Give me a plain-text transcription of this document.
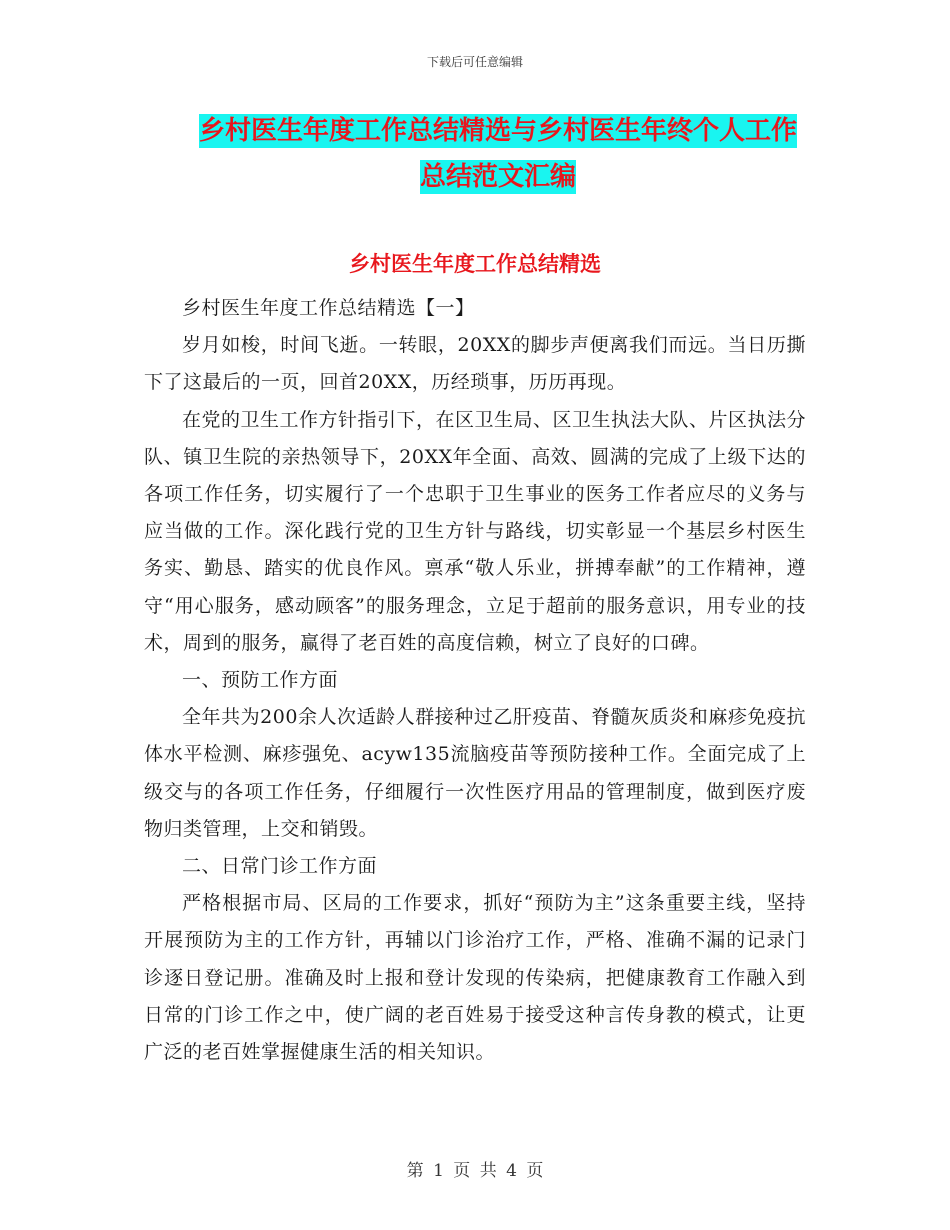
下载后可任意编辑
乡村医生年度工作总结精选与乡村医生年终个人工作
总结范文汇编
乡村医生年度工作总结精选

乡村医生年度工作总结精选【一】

岁月如梭，时间飞逝。一转眼，20XX的脚步声便离我们而远。当日历撕下了这最后的一页，回首20XX，历经琐事，历历再现。

在党的卫生工作方针指引下，在区卫生局、区卫生执法大队、片区执法分队、镇卫生院的亲热领导下，20XX年全面、高效、圆满的完成了上级下达的各项工作任务，切实履行了一个忠职于卫生事业的医务工作者应尽的义务与应当做的工作。深化践行党的卫生方针与路线，切实彰显一个基层乡村医生务实、勤恳、踏实的优良作风。禀承“敬人乐业，拼搏奉献”的工作精神，遵守“用心服务，感动顾客”的服务理念，立足于超前的服务意识，用专业的技术，周到的服务，赢得了老百姓的高度信赖，树立了良好的口碑。

一、预防工作方面

全年共为200余人次适龄人群接种过乙肝疫苗、脊髓灰质炎和麻疹免疫抗体水平检测、麻疹强免、acyw135流脑疫苗等预防接种工作。全面完成了上级交与的各项工作任务，仔细履行一次性医疗用品的管理制度，做到医疗废物归类管理，上交和销毁。

二、日常门诊工作方面

严格根据市局、区局的工作要求，抓好“预防为主”这条重要主线，坚持开展预防为主的工作方针，再辅以门诊治疗工作，严格、准确不漏的记录门诊逐日登记册。准确及时上报和登计发现的传染病，把健康教育工作融入到日常的门诊工作之中，使广阔的老百姓易于接受这种言传身教的模式，让更广泛的老百姓掌握健康生活的相关知识。

第 1 页 共 4 页
